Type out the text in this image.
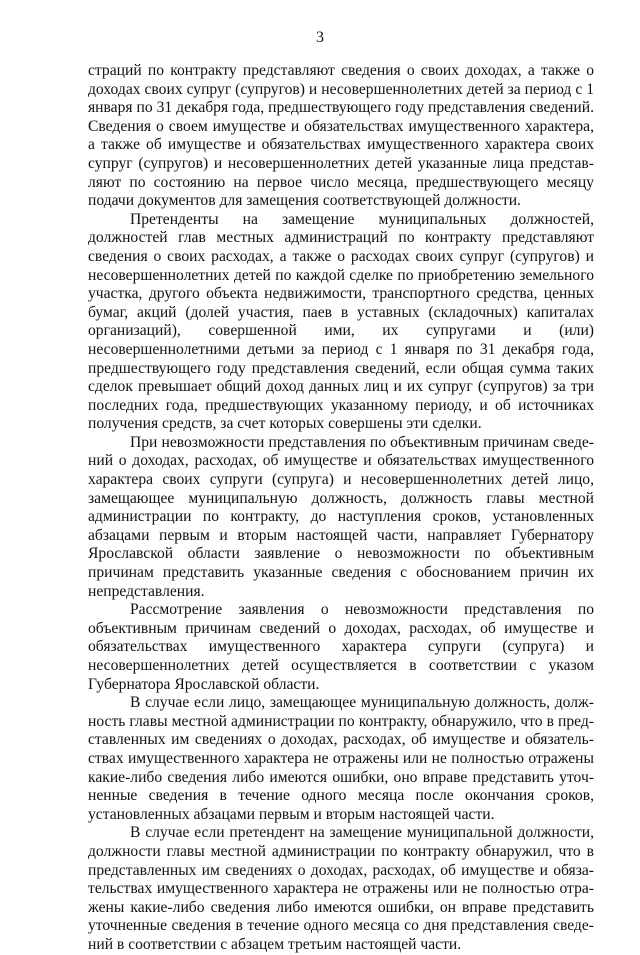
3

страций по контракту представляют сведения о своих доходах, а также о доходах своих супруг (супругов) и несовершеннолетних детей за период с 1 января по 31 декабря года, предшествующего году представления сведений. Сведения о своем имуществе и обязательствах имущественного характера, а также об имуществе и обязательствах имущественного характера своих супруг (супругов) и несовершеннолетних детей указанные лица представляют по состоянию на первое число месяца, предшествующего месяцу подачи документов для замещения соответствующей должности.

Претенденты на замещение муниципальных должностей, должностей глав местных администраций по контракту представляют сведения о своих расходах, а также о расходах своих супруг (супругов) и несовершеннолетних детей по каждой сделке по приобретению земельного участка, другого объекта недвижимости, транспортного средства, ценных бумаг, акций (долей участия, паев в уставных (складочных) капиталах организаций), совершенной ими, их супругами и (или) несовершеннолетними детьми за период с 1 января по 31 декабря года, предшествующего году представления сведений, если общая сумма таких сделок превышает общий доход данных лиц и их супруг (супругов) за три последних года, предшествующих указанному периоду, и об источниках получения средств, за счет которых совершены эти сделки.

При невозможности представления по объективным причинам сведений о доходах, расходах, об имуществе и обязательствах имущественного характера своих супруги (супруга) и несовершеннолетних детей лицо, замещающее муниципальную должность, должность главы местной администрации по контракту, до наступления сроков, установленных абзацами первым и вторым настоящей части, направляет Губернатору Ярославской области заявление о невозможности по объективным причинам представить указанные сведения с обоснованием причин их непредставления.

Рассмотрение заявления о невозможности представления по объективным причинам сведений о доходах, расходах, об имуществе и обязательствах имущественного характера супруги (супруга) и несовершеннолетних детей осуществляется в соответствии с указом Губернатора Ярославской области.

В случае если лицо, замещающее муниципальную должность, должность главы местной администрации по контракту, обнаружило, что в представленных им сведениях о доходах, расходах, об имуществе и обязательствах имущественного характера не отражены или не полностью отражены какие-либо сведения либо имеются ошибки, оно вправе представить уточненные сведения в течение одного месяца после окончания сроков, установленных абзацами первым и вторым настоящей части.

В случае если претендент на замещение муниципальной должности, должности главы местной администрации по контракту обнаружил, что в представленных им сведениях о доходах, расходах, об имуществе и обязательствах имущественного характера не отражены или не полностью отражены какие-либо сведения либо имеются ошибки, он вправе представить уточненные сведения в течение одного месяца со дня представления сведений в соответствии с абзацем третьим настоящей части.
